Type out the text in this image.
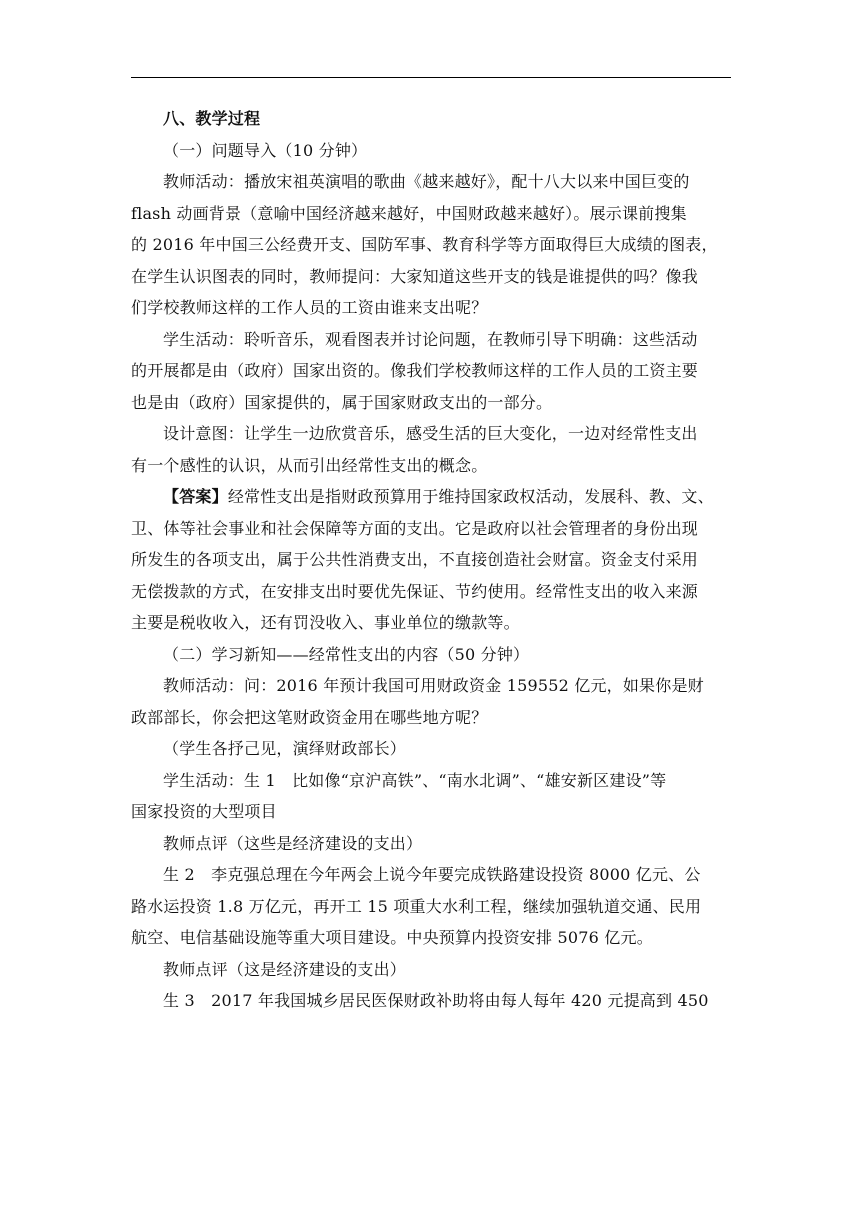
八、教学过程
（一）问题导入（10 分钟）
教师活动：播放宋祖英演唱的歌曲《越来越好》，配十八大以来中国巨变的
flash 动画背景（意喻中国经济越来越好，中国财政越来越好）。展示课前搜集
的 2016 年中国三公经费开支、国防军事、教育科学等方面取得巨大成绩的图表，
在学生认识图表的同时，教师提问：大家知道这些开支的钱是谁提供的吗？像我
们学校教师这样的工作人员的工资由谁来支出呢？
学生活动：聆听音乐，观看图表并讨论问题，在教师引导下明确：这些活动
的开展都是由（政府）国家出资的。像我们学校教师这样的工作人员的工资主要
也是由（政府）国家提供的，属于国家财政支出的一部分。
设计意图：让学生一边欣赏音乐，感受生活的巨大变化，一边对经常性支出
有一个感性的认识，从而引出经常性支出的概念。
【答案】经常性支出是指财政预算用于维持国家政权活动，发展科、教、文、
卫、体等社会事业和社会保障等方面的支出。它是政府以社会管理者的身份出现
所发生的各项支出，属于公共性消费支出，不直接创造社会财富。资金支付采用
无偿拨款的方式，在安排支出时要优先保证、节约使用。经常性支出的收入来源
主要是税收收入，还有罚没收入、事业单位的缴款等。
（二）学习新知——经常性支出的内容（50 分钟）
教师活动：问：2016 年预计我国可用财政资金 159552 亿元，如果你是财
政部部长，你会把这笔财政资金用在哪些地方呢？
（学生各抒己见，演绎财政部长）
学生活动：生 1　比如像“京沪高铁”、“南水北调”、“雄安新区建设”等
国家投资的大型项目
教师点评（这些是经济建设的支出）
生 2　李克强总理在今年两会上说今年要完成铁路建设投资 8000 亿元、公
路水运投资 1.8 万亿元，再开工 15 项重大水利工程，继续加强轨道交通、民用
航空、电信基础设施等重大项目建设。中央预算内投资安排 5076 亿元。
教师点评（这是经济建设的支出）
生 3　2017 年我国城乡居民医保财政补助将由每人每年 420 元提高到 450
